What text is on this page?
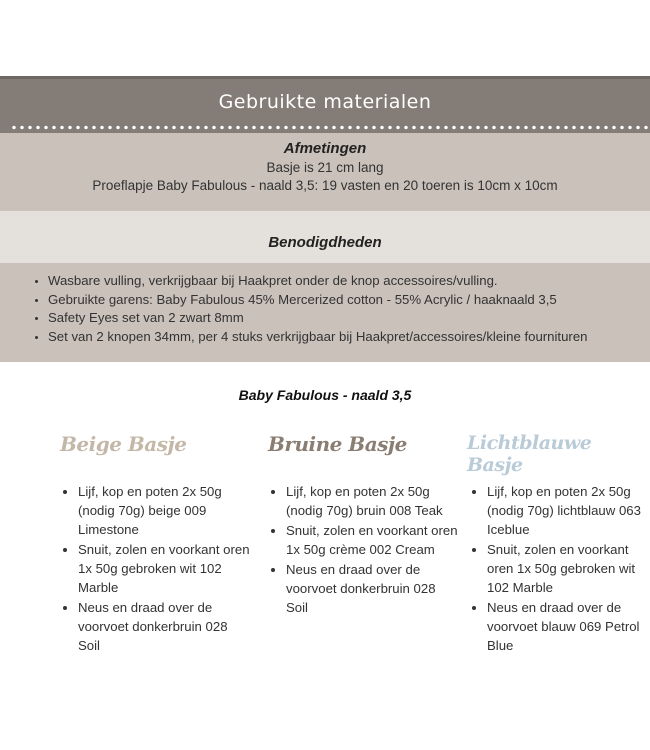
Gebruikte materialen
Afmetingen
Basje is 21 cm lang
Proeflapje Baby Fabulous - naald 3,5: 19 vasten en 20 toeren is 10cm x 10cm
Benodigdheden
• Wasbare vulling, verkrijgbaar bij Haakpret onder de knop accessoires/vulling.
• Gebruikte garens: Baby Fabulous 45% Mercerized cotton - 55% Acrylic / haaknaald 3,5
• Safety Eyes set van 2 zwart 8mm
• Set van 2 knopen 34mm, per 4 stuks verkrijgbaar bij Haakpret/accessoires/kleine fournituren
Baby Fabulous - naald 3,5
Beige Basje
• Lijf, kop en poten 2x 50g (nodig 70g) beige 009 Limestone
• Snuit, zolen en voorkant oren 1x 50g gebroken wit 102 Marble
• Neus en draad over de voorvoet donkerbruin 028 Soil
Bruine Basje
• Lijf, kop en poten 2x 50g (nodig 70g) bruin 008 Teak
• Snuit, zolen en voorkant oren 1x 50g crème 002 Cream
• Neus en draad over de voorvoet donkerbruin 028 Soil
Lichtblauwe Basje
• Lijf, kop en poten 2x 50g (nodig 70g) lichtblauw 063 Iceblue
• Snuit, zolen en voorkant oren 1x 50g gebroken wit 102 Marble
• Neus en draad over de voorvoet blauw 069 Petrol Blue
